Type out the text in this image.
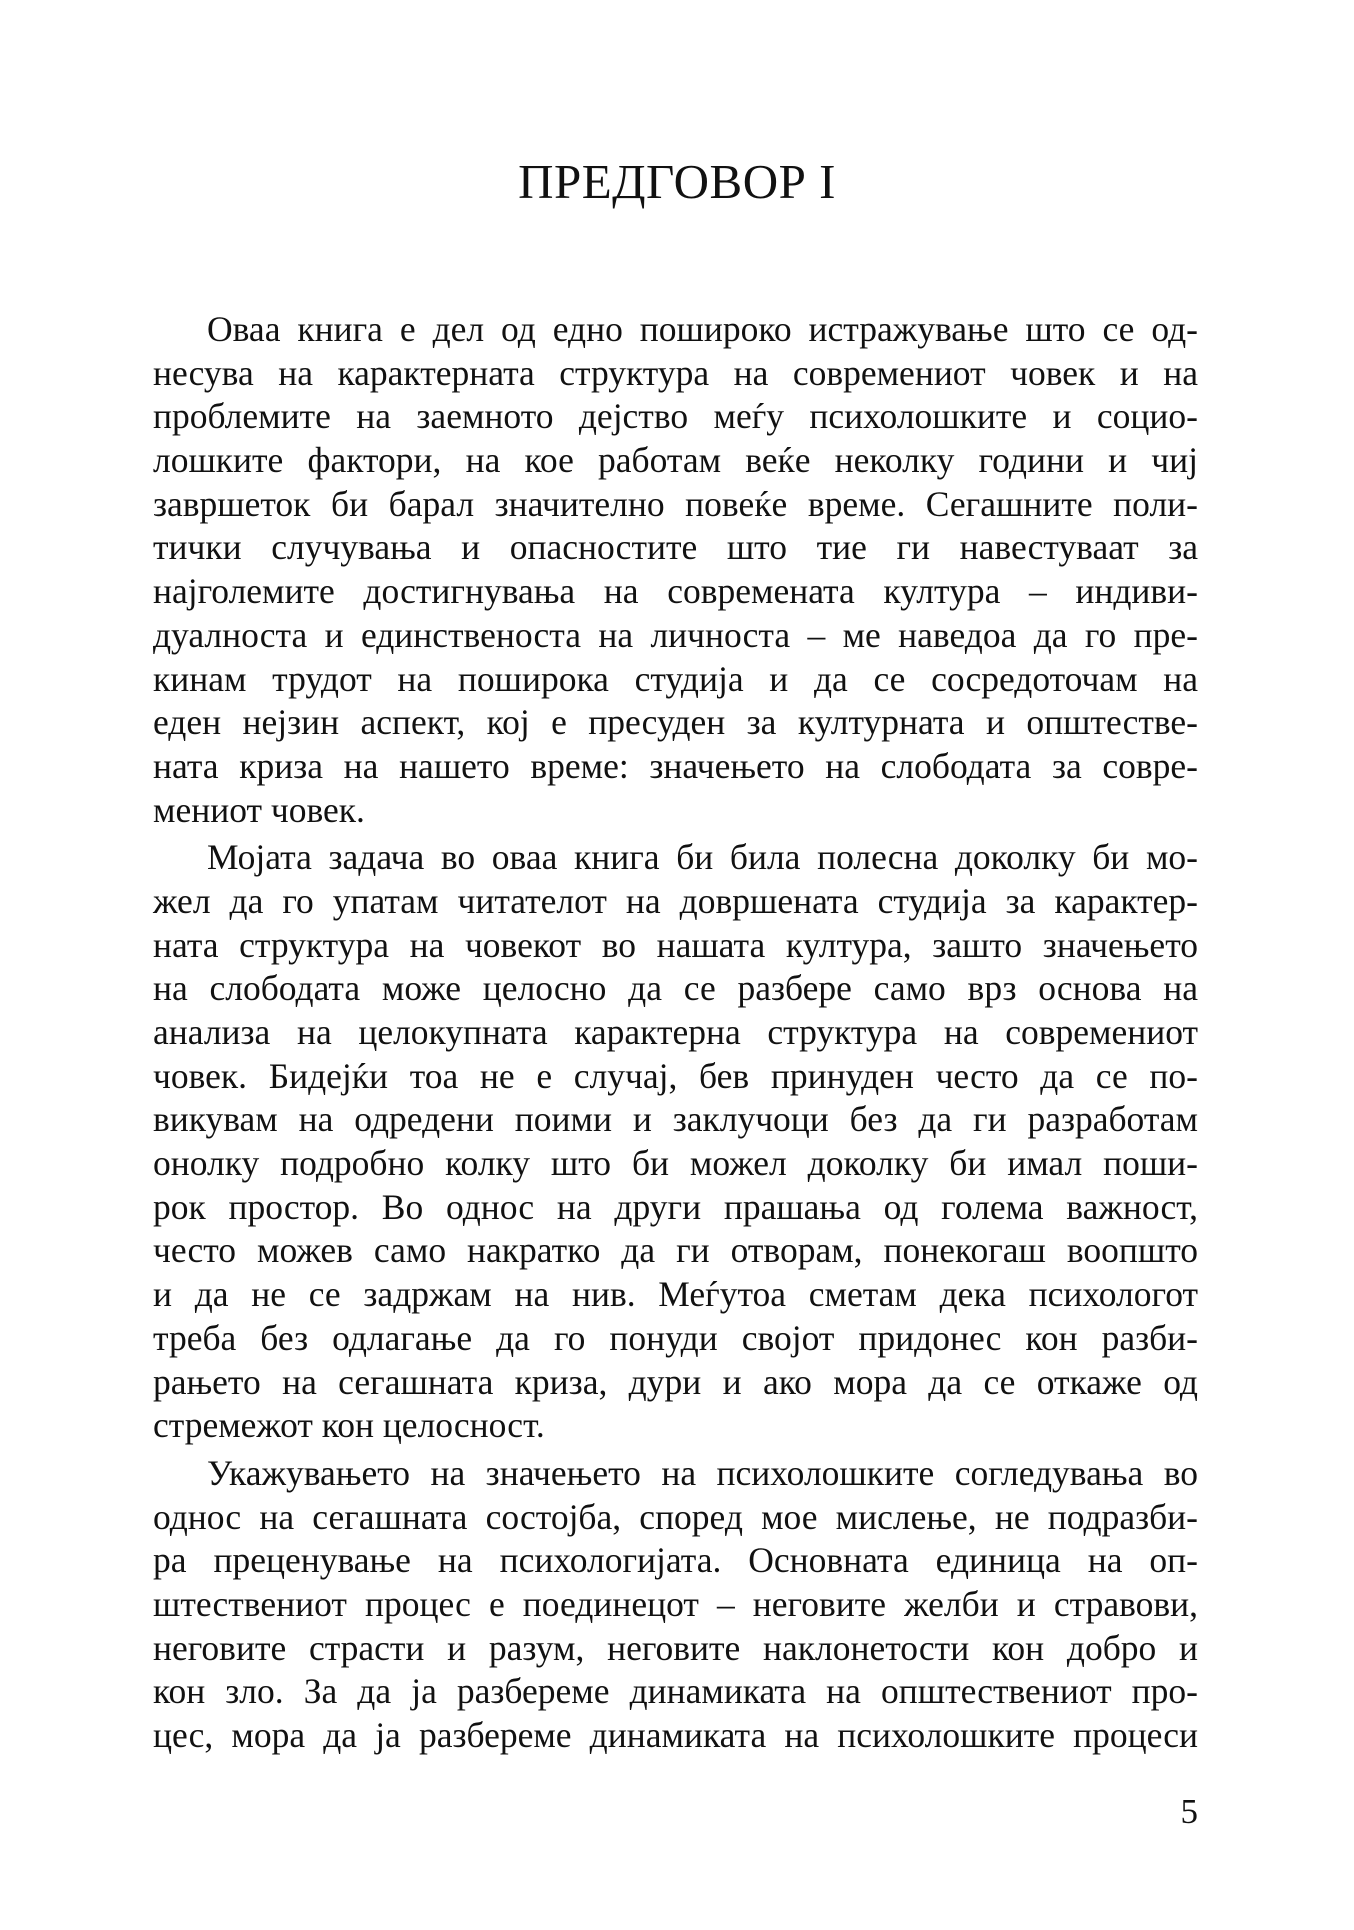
ПРЕДГОВОР I
Оваа книга е дел од едно пошироко истражување што се од-
несува на карактерната структура на современиот човек и на
проблемите на заемното дејство меѓу психолошките и социо-
лошките фактори, на кое работам веќе неколку години и чиј
завршеток би барал значително повеќе време. Сегашните поли-
тички случувања и опасностите што тие ги навестуваат за
најголемите достигнувања на современата култура – индиви-
дуалноста и единственоста на личноста – ме наведоа да го пре-
кинам трудот на поширока студија и да се сосредоточам на
еден нејзин аспект, кој е пресуден за културната и општестве-
ната криза на нашето време: значењето на слободата за совре-
мениот човек.
Мојата задача во оваа книга би била полесна доколку би мо-
жел да го упатам читателот на довршената студија за карактер-
ната структура на човекот во нашата култура, зашто значењето
на слободата може целосно да се разбере само врз основа на
анализа на целокупната карактерна структура на современиот
човек. Бидејќи тоа не е случај, бев принуден често да се по-
викувам на одредени поими и заклучоци без да ги разработам
онолку подробно колку што би можел доколку би имал поши-
рок простор. Во однос на други прашања од голема важност,
често можев само накратко да ги отворам, понекогаш воопшто
и да не се задржам на нив. Меѓутоа сметам дека психологот
треба без одлагање да го понуди својот придонес кон разби-
рањето на сегашната криза, дури и ако мора да се откаже од
стремежот кон целосност.
Укажувањето на значењето на психолошките согледувања во
однос на сегашната состојба, според мое мислење, не подразби-
ра преценување на психологијата. Основната единица на оп-
штествениот процес е поединецот – неговите желби и стравови,
неговите страсти и разум, неговите наклонетости кон добро и
кон зло. За да ја разбереме динамиката на општествениот про-
цес, мора да ја разбереме динамиката на психолошките процеси

5
